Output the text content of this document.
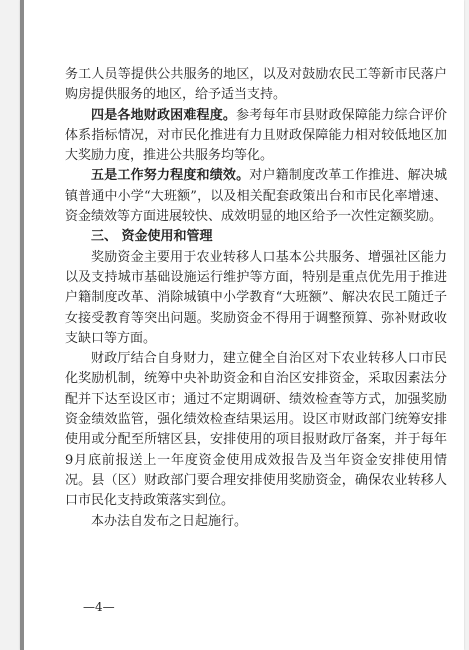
务工人员等提供公共服务的地区，以及对鼓励农民工等新市民落户购房提供服务的地区，给予适当支持。

四是各地财政困难程度。参考每年市县财政保障能力综合评价体系指标情况，对市民化推进有力且财政保障能力相对较低地区加大奖励力度，推进公共服务均等化。

五是工作努力程度和绩效。对户籍制度改革工作推进、解决城镇普通中小学“大班额”，以及相关配套政策出台和市民化率增速、资金绩效等方面进展较快、成效明显的地区给予一次性定额奖励。

三、 资金使用和管理

奖励资金主要用于农业转移人口基本公共服务、增强社区能力以及支持城市基础设施运行维护等方面，特别是重点优先用于推进户籍制度改革、消除城镇中小学教育“大班额”、解决农民工随迁子女接受教育等突出问题。奖励资金不得用于调整预算、弥补财政收支缺口等方面。

财政厅结合自身财力，建立健全自治区对下农业转移人口市民化奖励机制，统筹中央补助资金和自治区安排资金，采取因素法分配并下达至设区市；通过不定期调研、绩效检查等方式，加强奖励资金绩效监管，强化绩效检查结果运用。设区市财政部门统筹安排使用或分配至所辖区县，安排使用的项目报财政厅备案，并于每年9月底前报送上一年度资金使用成效报告及当年资金安排使用情况。县（区）财政部门要合理安排使用奖励资金，确保农业转移人口市民化支持政策落实到位。

本办法自发布之日起施行。

—4—
